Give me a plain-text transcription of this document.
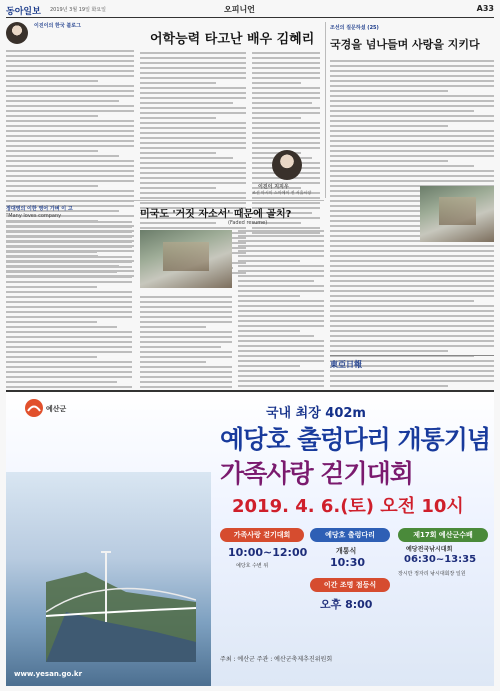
동아일보 2019년 3월 19일 화요일	오피니언	A33
이진이의 한국 블로그
어학능력 타고난 배우 김혜리
이진이 지지우
조선 마시미 스마에이 전 서울시장
조선의 질문하셨 (25)
국경을 넘나들며 사랑을 지키다
정대영의 이한 영어 가벼 이 고
"Many loves company	미국도 '거짓 자소서' 때문에 골치?
(Faded resume)
東亞日報
예산군	국내 최장 402m
예당호 출렁다리 개통기념
가족사랑 걷기대회
2019. 4. 6.(토) 오전 10시
가족사랑 걷기대회
10:00~12:00
예당호 수변 위
예당호 출렁다리
개통식
10:30
제17회 예산군수배
예당전국낚시대회
06:30~13:35
장시만 정자리 낚시대회장 일원
이간 조명 점등식
오후 8:00
주최 : 예산군 주관 : 예산군축제추진위원회
www.yesan.go.kr
